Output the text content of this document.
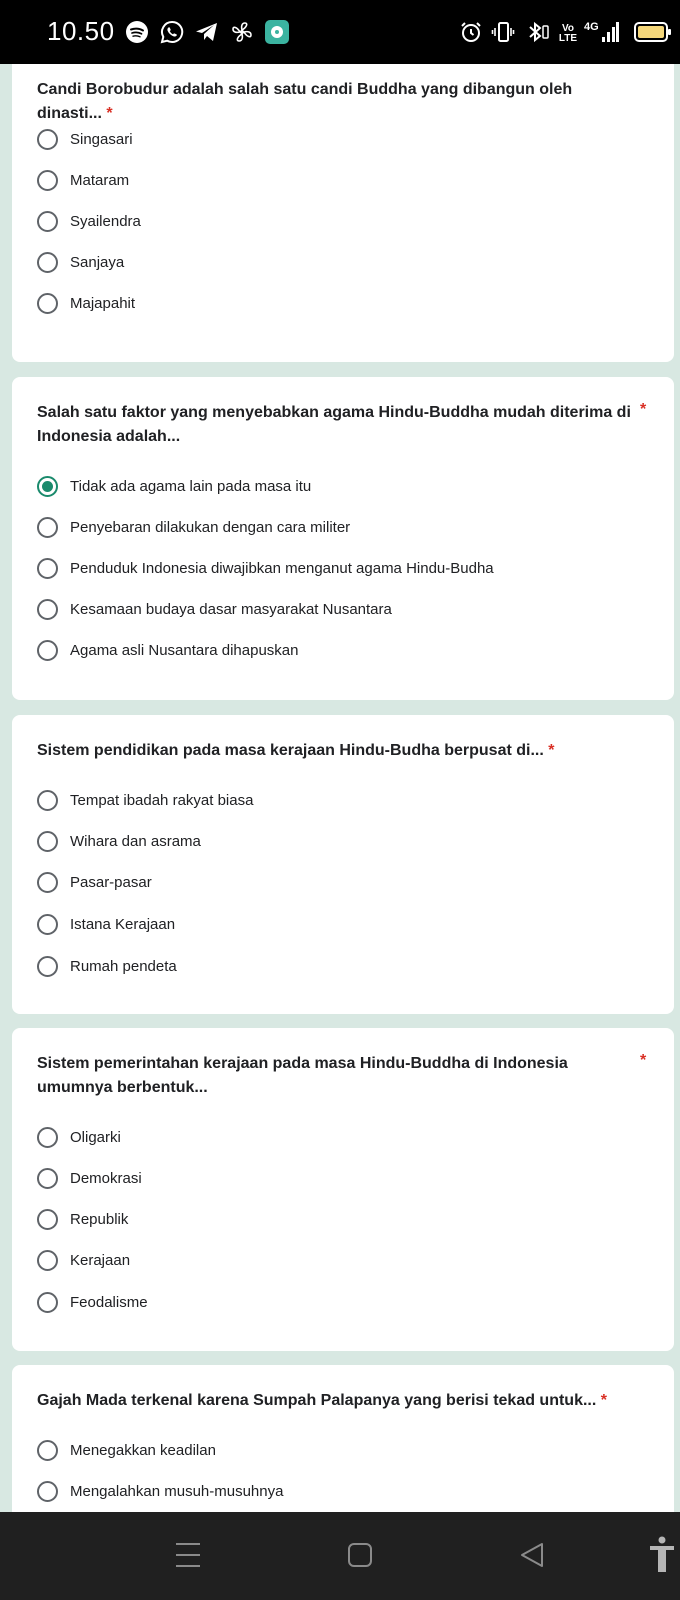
10.50	Vo
LTE
4G
Candi Borobudur adalah salah satu candi Buddha yang dibangun oleh dinasti... *
Singasari
Mataram
Syailendra
Sanjaya
Majapahit
Salah satu faktor yang menyebabkan agama Hindu-Buddha mudah diterima di Indonesia adalah...
*
Tidak ada agama lain pada masa itu
Penyebaran dilakukan dengan cara militer
Penduduk Indonesia diwajibkan menganut agama Hindu-Budha
Kesamaan budaya dasar masyarakat Nusantara
Agama asli Nusantara dihapuskan
Sistem pendidikan pada masa kerajaan Hindu-Budha berpusat di... *
Tempat ibadah rakyat biasa
Wihara dan asrama
Pasar-pasar
Istana Kerajaan
Rumah pendeta
Sistem pemerintahan kerajaan pada masa Hindu-Buddha di Indonesia umumnya berbentuk...
*
Oligarki
Demokrasi
Republik
Kerajaan
Feodalisme
Gajah Mada terkenal karena Sumpah Palapanya yang berisi tekad untuk... *
Menegakkan keadilan
Mengalahkan musuh-musuhnya
